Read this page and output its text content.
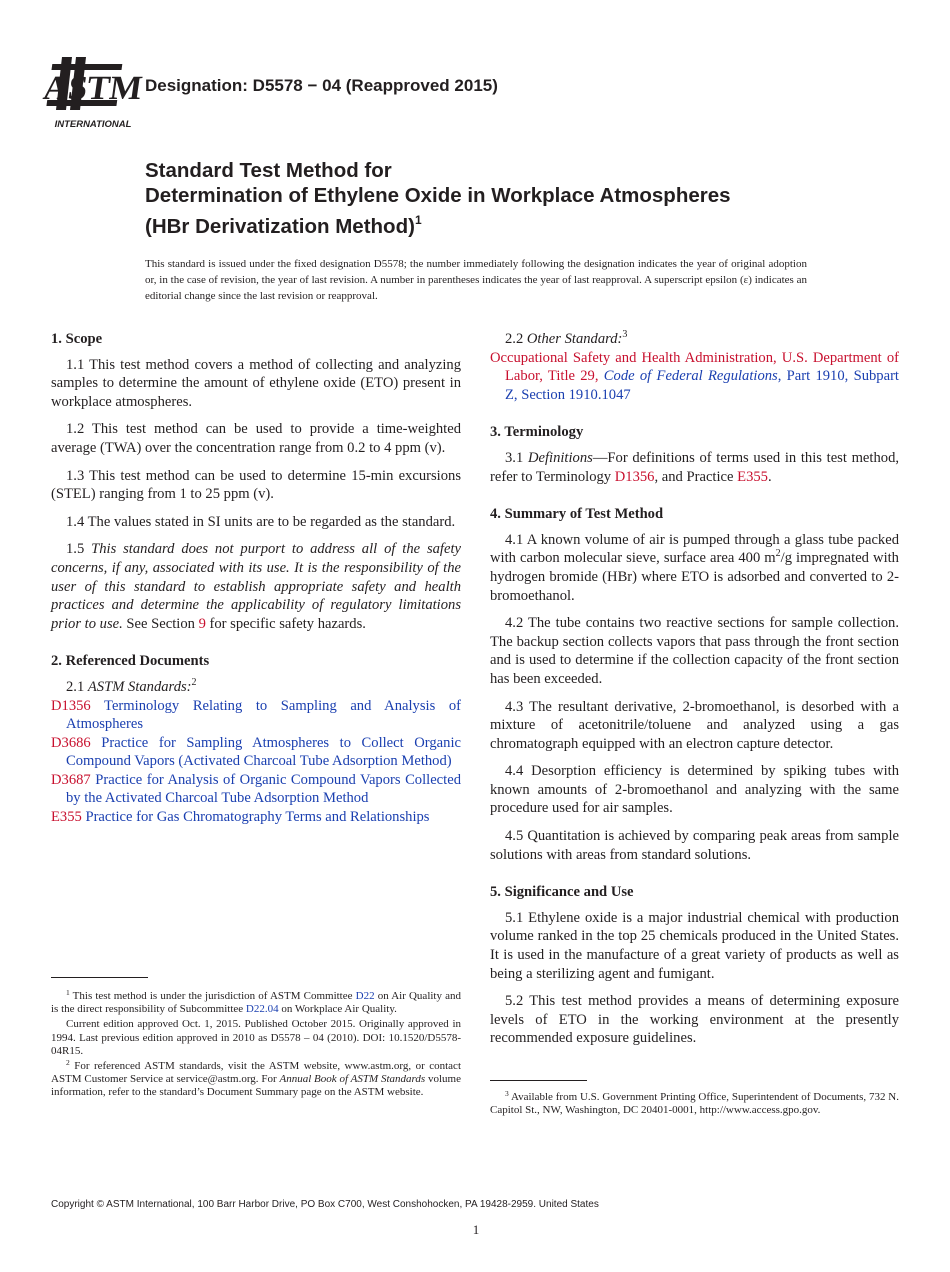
ASTM
INTERNATIONAL
Designation: D5578 − 04 (Reapproved 2015)
Standard Test Method for
Determination of Ethylene Oxide in Workplace Atmospheres
(HBr Derivatization Method)$^1$
This standard is issued under the fixed designation D5578; the number immediately following the designation indicates the year of original adoption or, in the case of revision, the year of last revision. A number in parentheses indicates the year of last reapproval. A superscript epsilon (ε) indicates an editorial change since the last revision or reapproval.
1. Scope

1.1 This test method covers a method of collecting and analyzing samples to determine the amount of ethylene oxide (ETO) present in workplace atmospheres.

1.2 This test method can be used to provide a time-weighted average (TWA) over the concentration range from 0.2 to 4 ppm (v).

1.3 This test method can be used to determine 15-min excursions (STEL) ranging from 1 to 25 ppm (v).

1.4 The values stated in SI units are to be regarded as the standard.

1.5 This standard does not purport to address all of the safety concerns, if any, associated with its use. It is the responsibility of the user of this standard to establish appropriate safety and health practices and determine the applicability of regulatory limitations prior to use. See Section 9 for specific safety hazards.

2. Referenced Documents
2.1 ASTM Standards:$^2$
D1356 Terminology Relating to Sampling and Analysis of Atmospheres
D3686 Practice for Sampling Atmospheres to Collect Organic Compound Vapors (Activated Charcoal Tube Adsorption Method)
D3687 Practice for Analysis of Organic Compound Vapors Collected by the Activated Charcoal Tube Adsorption Method
E355 Practice for Gas Chromatography Terms and Relationships
2.2 Other Standard:$^3$
Occupational Safety and Health Administration, U.S. Department of Labor, Title 29, Code of Federal Regulations, Part 1910, Subpart Z, Section 1910.1047
3. Terminology

3.1 Definitions—For definitions of terms used in this test method, refer to Terminology D1356, and Practice E355.

4. Summary of Test Method

4.1 A known volume of air is pumped through a glass tube packed with carbon molecular sieve, surface area 400 $m^2/g$ impregnated with hydrogen bromide (HBr) where ETO is adsorbed and converted to 2-bromoethanol.

4.2 The tube contains two reactive sections for sample collection. The backup section collects vapors that pass through the front section and is used to determine if the collection capacity of the front section has been exceeded.

4.3 The resultant derivative, 2-bromoethanol, is desorbed with a mixture of acetonitrile/toluene and analyzed using a gas chromatograph equipped with an electron capture detector.

4.4 Desorption efficiency is determined by spiking tubes with known amounts of 2-bromoethanol and analyzing with the same procedure used for air samples.

4.5 Quantitation is achieved by comparing peak areas from sample solutions with areas from standard solutions.

5. Significance and Use

5.1 Ethylene oxide is a major industrial chemical with production volume ranked in the top 25 chemicals produced in the United States. It is used in the manufacture of a great variety of products as well as being a sterilizing agent and fumigant.

5.2 This test method provides a means of determining exposure levels of ETO in the working environment at the presently recommended exposure guidelines.

$^1$ This test method is under the jurisdiction of ASTM Committee D22 on Air Quality and is the direct responsibility of Subcommittee D22.04 on Workplace Air Quality.

Current edition approved Oct. 1, 2015. Published October 2015. Originally approved in 1994. Last previous edition approved in 2010 as D5578 – 04 (2010). DOI: 10.1520/D5578-04R15.

$^2$ For referenced ASTM standards, visit the ASTM website, www.astm.org, or contact ASTM Customer Service at service@astm.org. For Annual Book of ASTM Standards volume information, refer to the standard’s Document Summary page on the ASTM website.	$^3$ Available from U.S. Government Printing Office, Superintendent of Documents, 732 N. Capitol St., NW, Washington, DC 20401-0001, http://www.access.gpo.gov.

Copyright © ASTM International, 100 Barr Harbor Drive, PO Box C700, West Conshohocken, PA 19428-2959. United States
1
